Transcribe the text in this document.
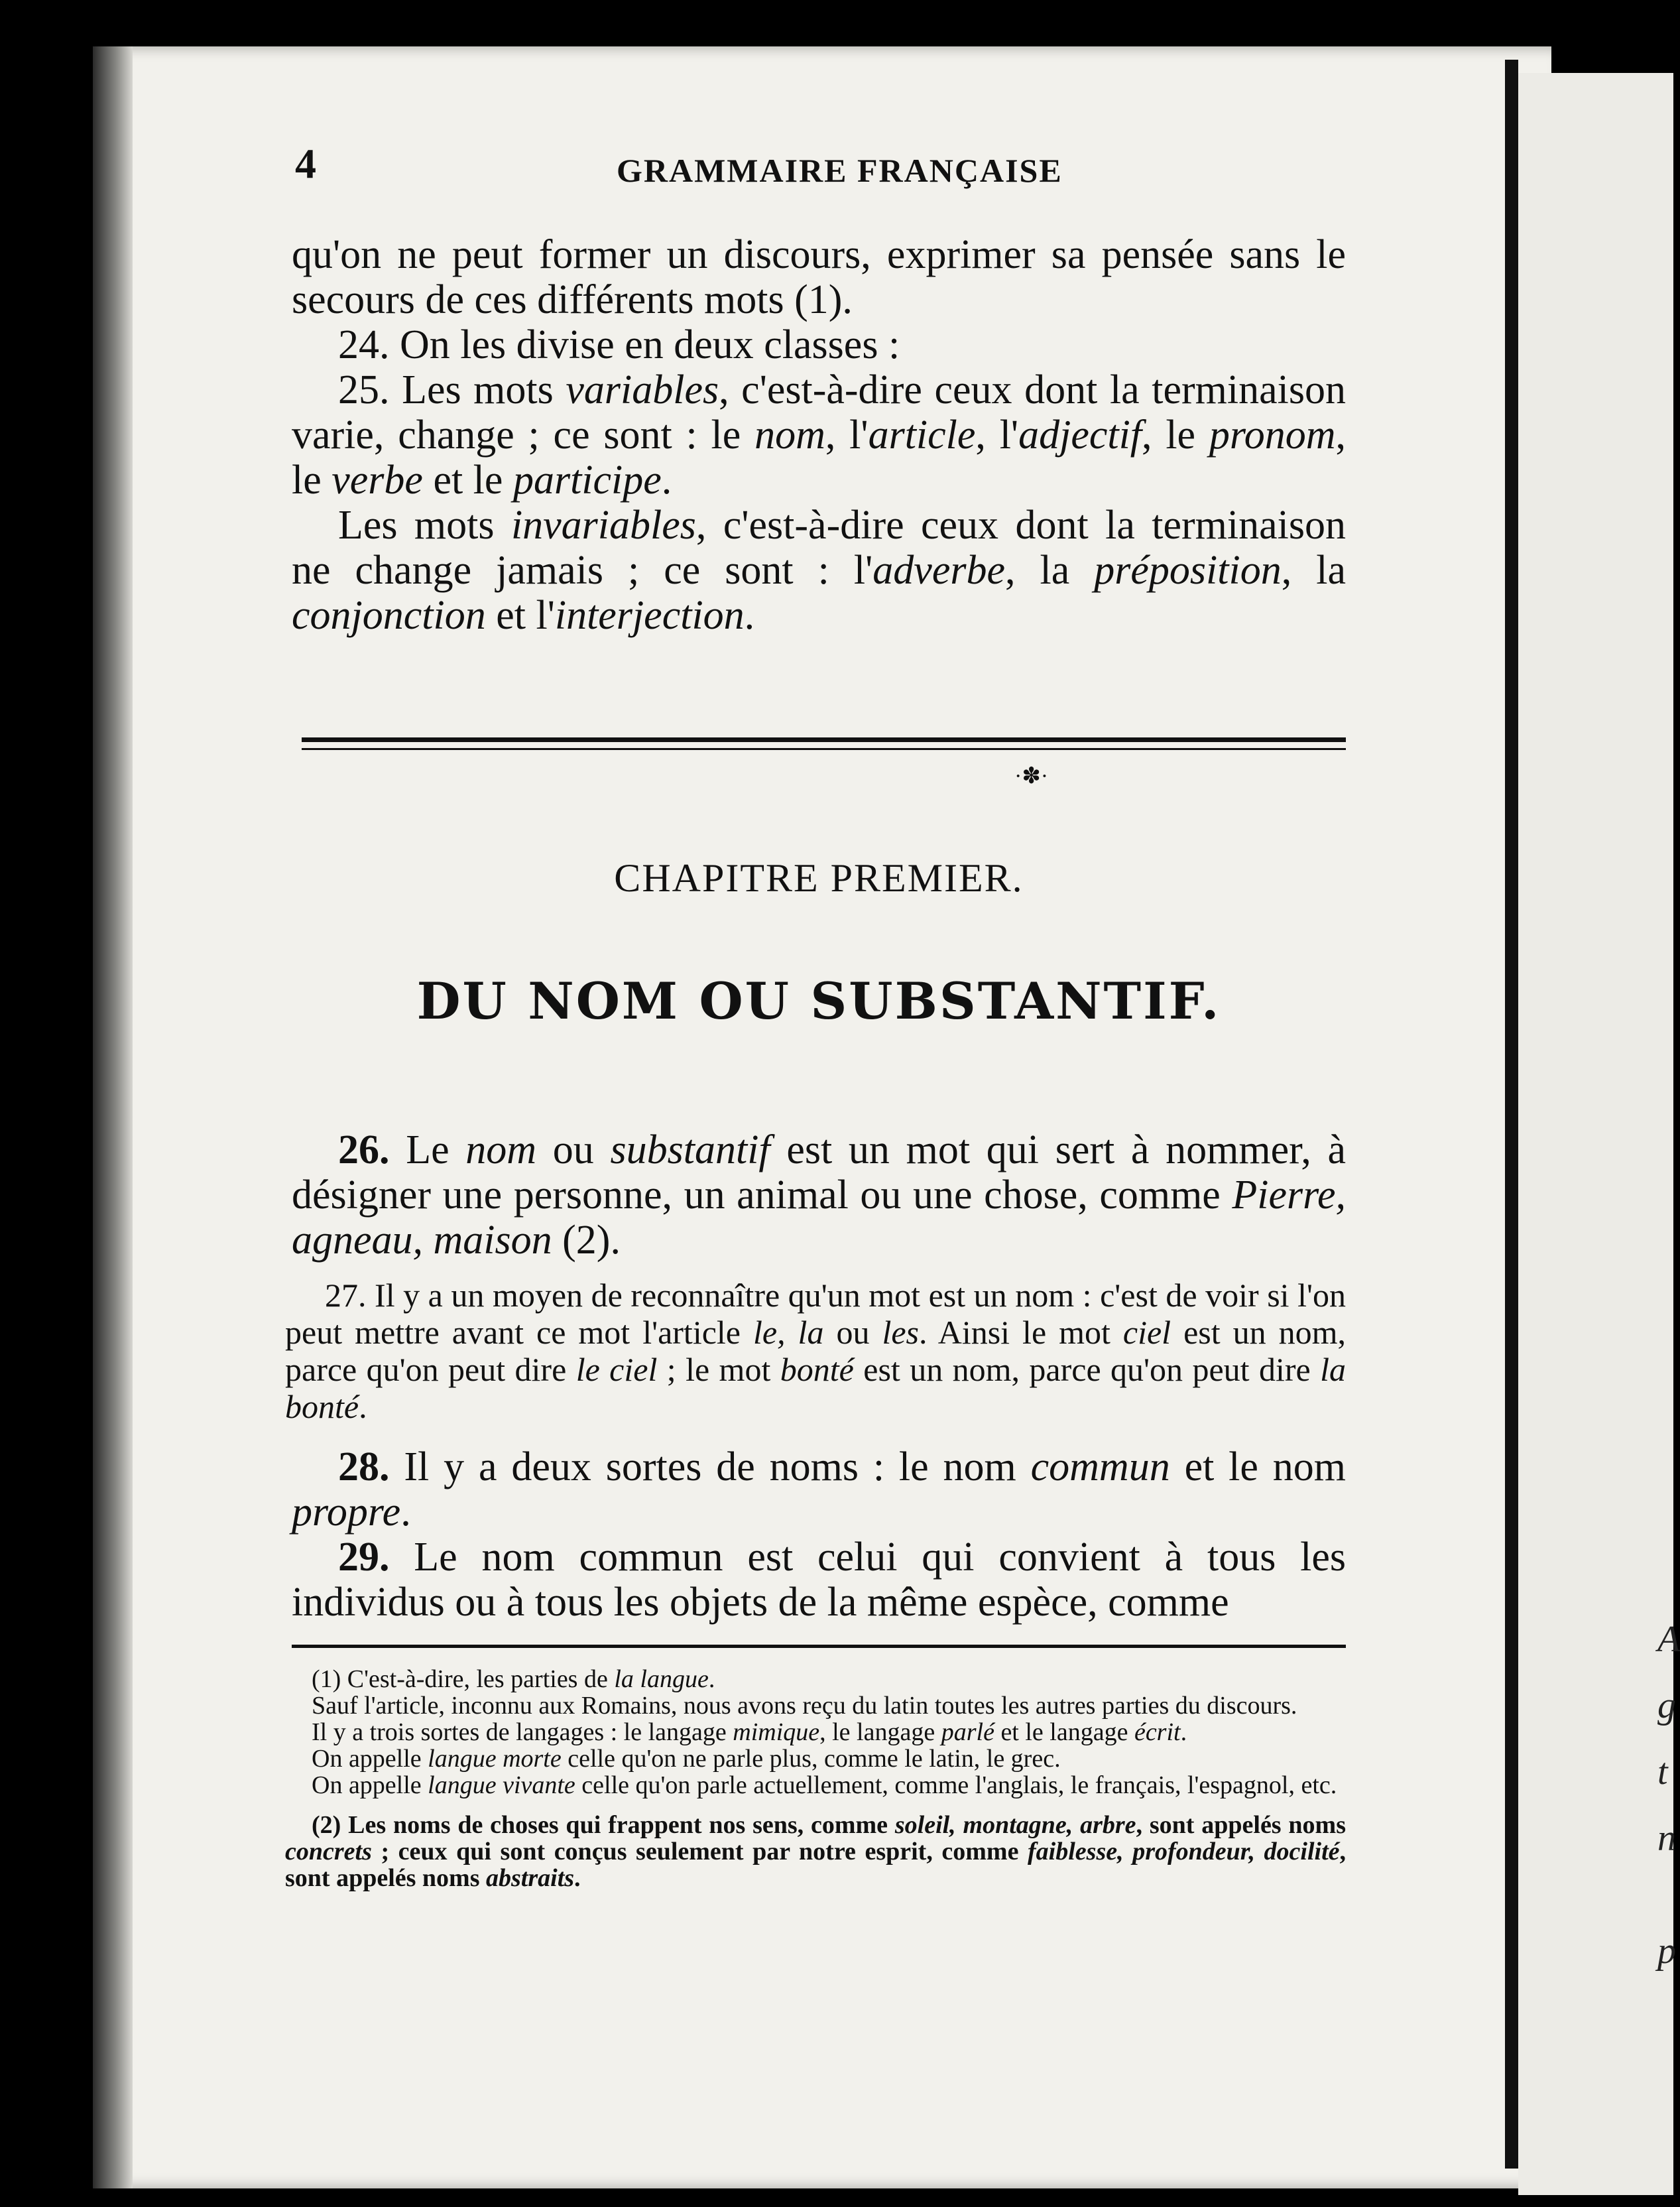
A
g
t
n
p
4	GRAMMAIRE FRANÇAISE

qu'on ne peut former un discours, exprimer sa pensée sans le secours de ces différents mots (1).

24. On les divise en deux classes :

25. Les mots variables, c'est-à-dire ceux dont la terminaison varie, change ; ce sont : le nom, l'article, l'adjectif, le pronom, le verbe et le participe.

Les mots invariables, c'est-à-dire ceux dont la terminaison ne change jamais ; ce sont : l'adverbe, la préposition, la conjonction et l'interjection.

·✽·
CHAPITRE PREMIER.
DU NOM OU SUBSTANTIF.

26. Le nom ou substantif est un mot qui sert à nommer, à désigner une personne, un animal ou une chose, comme Pierre, agneau, maison (2).

27. Il y a un moyen de reconnaître qu'un mot est un nom : c'est de voir si l'on peut mettre avant ce mot l'article le, la ou les. Ainsi le mot ciel est un nom, parce qu'on peut dire le ciel ; le mot bonté est un nom, parce qu'on peut dire la bonté.

28. Il y a deux sortes de noms : le nom commun et le nom propre.

29. Le nom commun est celui qui convient à tous les individus ou à tous les objets de la même espèce, comme

(1) C'est-à-dire, les parties de la langue.

Sauf l'article, inconnu aux Romains, nous avons reçu du latin toutes les autres parties du discours.

Il y a trois sortes de langages : le langage mimique, le langage parlé et le langage écrit.

On appelle langue morte celle qu'on ne parle plus, comme le latin, le grec.

On appelle langue vivante celle qu'on parle actuellement, comme l'anglais, le français, l'espagnol, etc.

(2) Les noms de choses qui frappent nos sens, comme soleil, montagne, arbre, sont appelés noms concrets ; ceux qui sont conçus seulement par notre esprit, comme faiblesse, profondeur, docilité, sont appelés noms abstraits.
